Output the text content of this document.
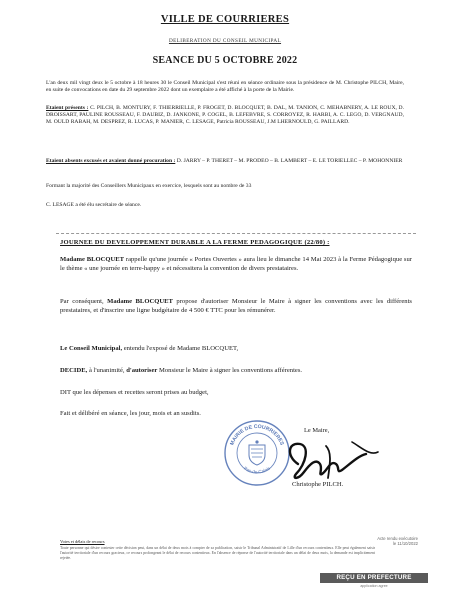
VILLE DE COURRIERES
DELIBERATION DU CONSEIL MUNICIPAL
SEANCE DU 5 OCTOBRE 2022
L'an deux mil vingt deux le 5 octobre à 18 heures 30 le Conseil Municipal s'est réuni en séance ordinaire sous la présidence de M. Christophe PILCH, Maire, en suite de convocations en date du 29 septembre 2022 dont un exemplaire a été affiché à la porte de la Mairie.
Etaient présents : C. PILCH, B. MONTURY, F. THIERRIELLE, P. FROGET, D. BLOCQUET, B. DAL, M. TANION, C. MEHABNERY, A. LE ROUX, D. DROISSART, PAULINE ROUSSEAU, F. DAUBIZ, D. JANKONE, P. COGEL, B. LEFEBVRE, S. CORROYEZ, R. HARBI, A. C. LEGO, D. VERGNAUD, M. OULD RABAH, M. DESPREZ, R. LUCAS, P. MANIER, C. LESAGE, Patricia ROUSSEAU, J.M LHERNOULD, G. PAILLARD.
Etaient absents excusés et avaient donné procuration : D. JARRY – P. THERET – M. PRODEO – B. LAMBERT – E. LE TORIELLEC – P. MOHONNIER
Formant la majorité des Conseillers Municipaux en exercice, lesquels sont au nombre de 33
C. LESAGE a été élu secrétaire de séance.
JOURNEE DU DEVELOPPEMENT DURABLE A LA FERME PEDAGOGIQUE (22/80) :
Madame BLOCQUET rappelle qu'une journée « Portes Ouvertes » aura lieu le dimanche 14 Mai 2023 à la Ferme Pédagogique sur le thème « une journée en terre-happy » et nécessitera la convention de divers prestataires.
Par conséquent, Madame BLOCQUET propose d'autoriser Monsieur le Maire à signer les conventions avec les différents prestataires, et d'inscrire une ligne budgétaire de 4 500 € TTC pour les rémunérer.
Le Conseil Municipal, entendu l'exposé de Madame BLOCQUET,
DECIDE, à l'unanimité, d'autoriser Monsieur le Maire à signer les conventions afférentes.
DIT que les dépenses et recettes seront prises au budget,
Fait et délibéré en séance, les jour, mois et an susdits.
MAIRIE DE COURRIERES
Pas-de-Calais
Le Maire,
Christophe PILCH.
Voies et délais de recours
Toute personne qui désire contester cette décision peut, dans un délai de deux mois à compter de sa publication, saisir le Tribunal Administratif de Lille d'un recours contentieux. Elle peut également saisir l'autorité territoriale d'un recours gracieux, ce recours prolongeant le délai de recours contentieux. En l'absence de réponse de l'autorité territoriale dans un délai de deux mois, la demande est implicitement rejetée.
Acte rendu exécutoire
le 11/10/2022
REÇU EN PREFECTURE
application agree
